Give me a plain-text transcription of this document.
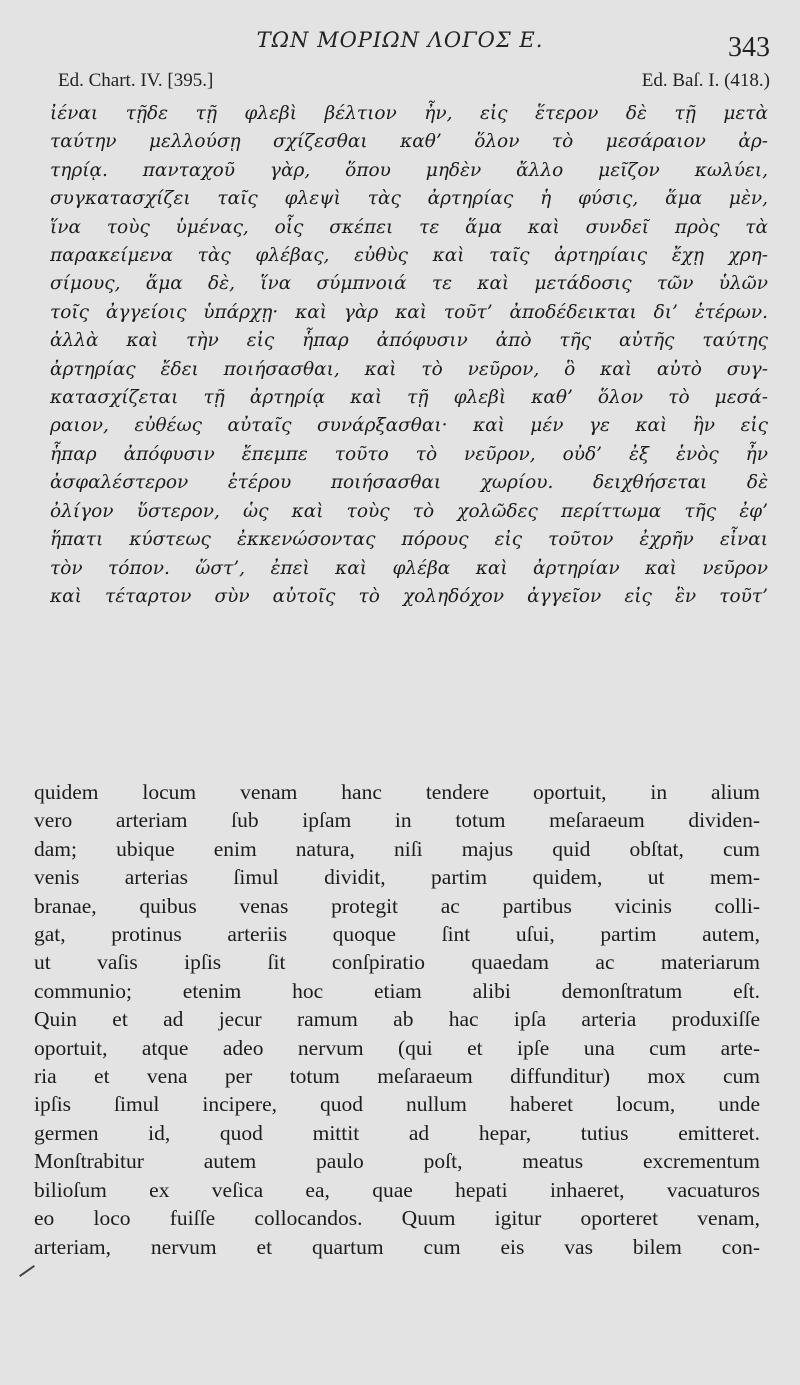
ΤΩΝ ΜΟΡΙΩΝ ΛΟΓΟΣ Ε.	343
Ed. Chart. IV. [395.]	Ed. Baſ. I. (418.)
ἰέναι τῇδε τῇ φλεβὶ βέλτιον ἦν, εἰς ἕτερον δὲ τῇ μετὰ
ταύτην μελλούσῃ σχίζεσθαι καθ’ ὅλον τὸ μεσάραιον ἀρ-
τηρίᾳ. πανταχοῦ γὰρ, ὅπου μηδὲν ἄλλο μεῖζον κωλύει,
συγκατασχίζει ταῖς φλεψὶ τὰς ἀρτηρίας ἡ φύσις, ἅμα μὲν,
ἵνα τοὺς ὑμένας, οἷς σκέπει τε ἅμα καὶ συνδεῖ πρὸς τὰ
παρακείμενα τὰς φλέβας, εὐθὺς καὶ ταῖς ἀρτηρίαις ἔχῃ χρη-
σίμους, ἅμα δὲ, ἵνα σύμπνοιά τε καὶ μετάδοσις τῶν ὑλῶν
τοῖς ἀγγείοις ὑπάρχῃ· καὶ γὰρ καὶ τοῦτ’ ἀποδέδεικται δι’ ἑτέρων.
ἀλλὰ καὶ τὴν εἰς ἧπαρ ἀπόφυσιν ἀπὸ τῆς αὐτῆς ταύτης
ἀρτηρίας ἔδει ποιήσασθαι, καὶ τὸ νεῦρον, ὃ καὶ αὐτὸ συγ-
κατασχίζεται τῇ ἀρτηρίᾳ καὶ τῇ φλεβὶ καθ’ ὅλον τὸ μεσά-
ραιον, εὐθέως αὐταῖς συνάρξασθαι· καὶ μέν γε καὶ ἣν εἰς
ἧπαρ ἀπόφυσιν ἔπεμπε τοῦτο τὸ νεῦρον, οὐδ’ ἐξ ἑνὸς ἦν
ἀσφαλέστερον ἑτέρου ποιήσασθαι χωρίου. δειχθήσεται δὲ
ὀλίγον ὕστερον, ὡς καὶ τοὺς τὸ χολῶδες περίττωμα τῆς ἐφ’
ἥπατι κύστεως ἐκκενώσοντας πόρους εἰς τοῦτον ἐχρῆν εἶναι
τὸν τόπον. ὥστ’, ἐπεὶ καὶ φλέβα καὶ ἀρτηρίαν καὶ νεῦρον
καὶ τέταρτον σὺν αὐτοῖς τὸ χοληδόχον ἀγγεῖον εἰς ἓν τοῦτ’
quidem locum venam hanc tendere oportuit, in alium
vero arteriam ſub ipſam in totum meſaraeum dividen-
dam; ubique enim natura, niſi majus quid obſtat, cum
venis arterias ſimul dividit, partim quidem, ut mem-
branae, quibus venas protegit ac partibus vicinis colli-
gat, protinus arteriis quoque ſint uſui, partim autem,
ut vaſis ipſis ſit conſpiratio quaedam ac materiarum
communio; etenim hoc etiam alibi demonſtratum eſt.
Quin et ad jecur ramum ab hac ipſa arteria produxiſſe
oportuit, atque adeo nervum (qui et ipſe una cum arte-
ria et vena per totum meſaraeum diffunditur) mox cum
ipſis ſimul incipere, quod nullum haberet locum, unde
germen id, quod mittit ad hepar, tutius emitteret.
Monſtrabitur autem paulo poſt, meatus excrementum
bilioſum ex veſica ea, quae hepati inhaeret, vacuaturos
eo loco fuiſſe collocandos. Quum igitur oporteret venam,
arteriam, nervum et quartum cum eis vas bilem con-
